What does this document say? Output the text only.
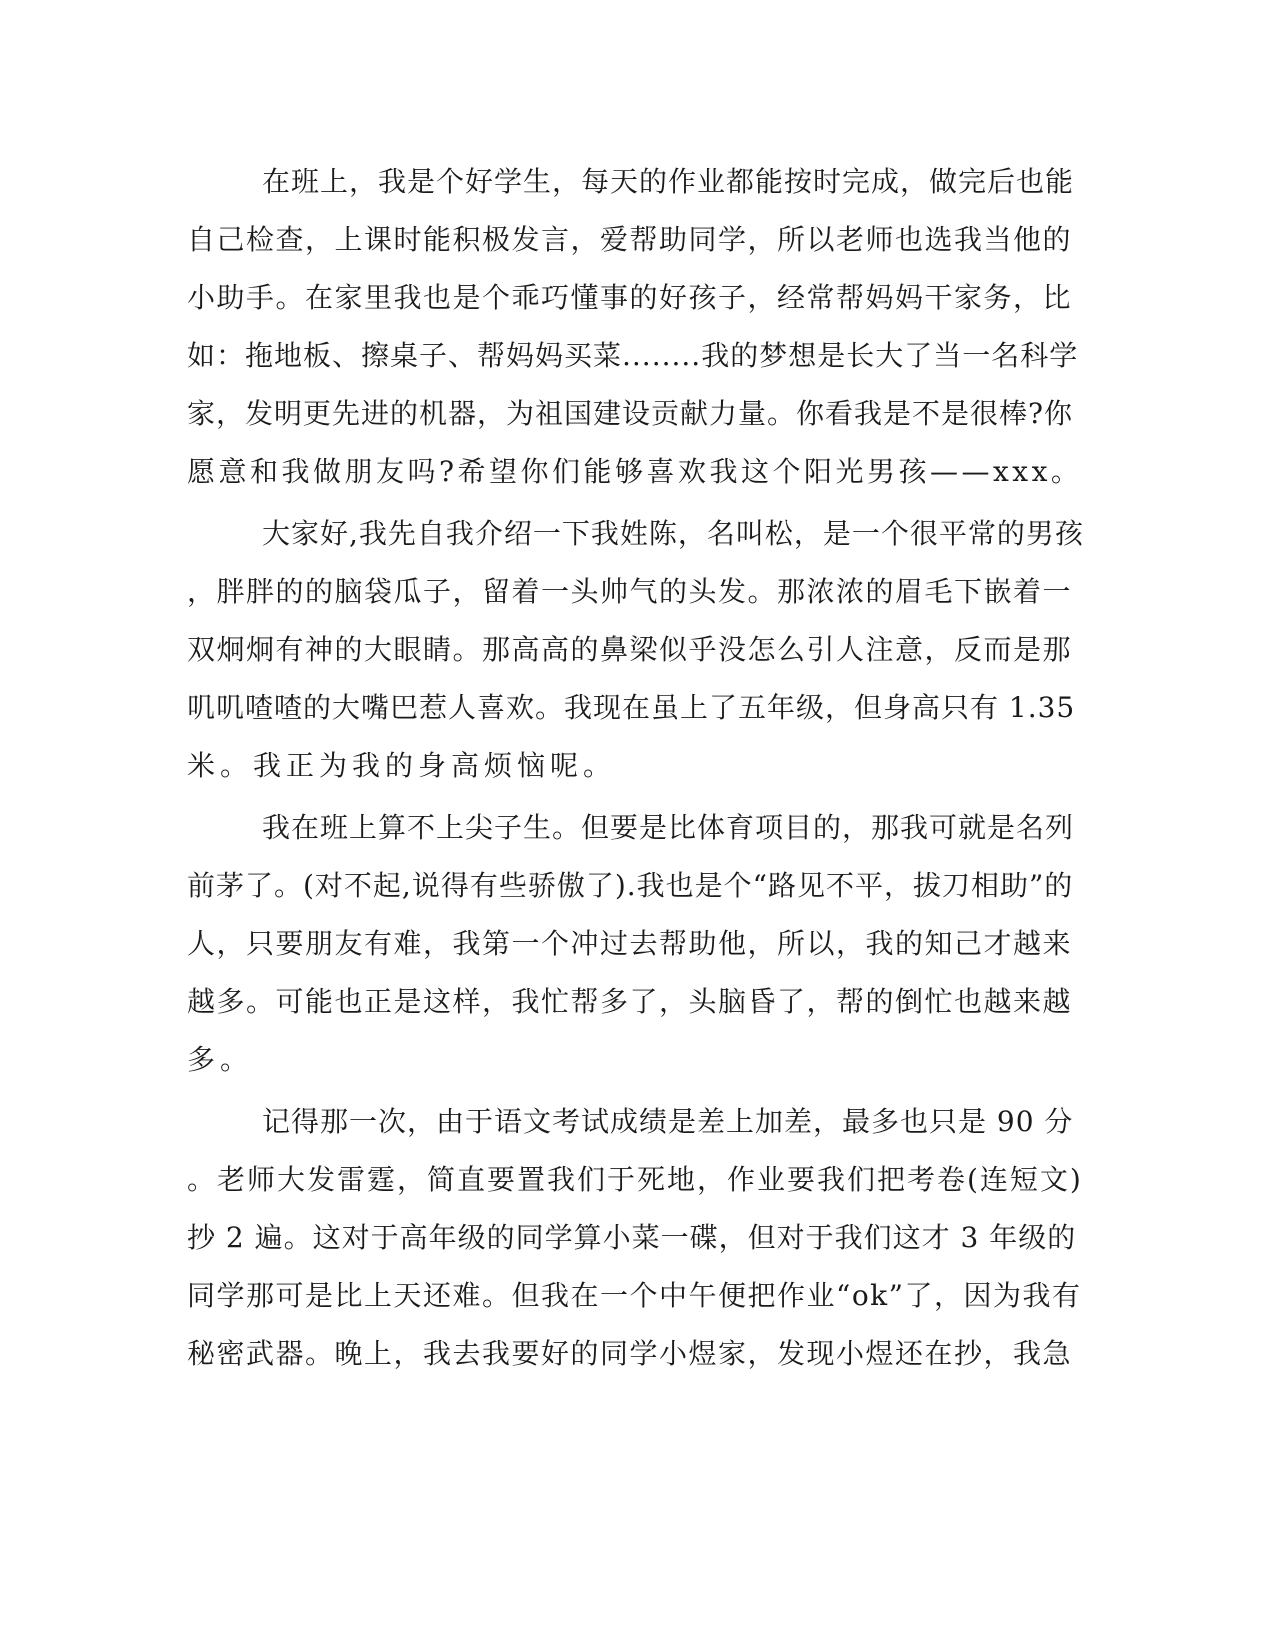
在班上，我是个好学生，每天的作业都能按时完成，做完后也能

自己检查，上课时能积极发言，爱帮助同学，所以老师也选我当他的

小助手。在家里我也是个乖巧懂事的好孩子，经常帮妈妈干家务，比

如：拖地板、擦桌子、帮妈妈买菜........我的梦想是长大了当一名科学

家，发明更先进的机器，为祖国建设贡献力量。你看我是不是很棒?你

愿意和我做朋友吗?希望你们能够喜欢我这个阳光男孩——xxx。

大家好,我先自我介绍一下我姓陈，名叫松，是一个很平常的男孩

，胖胖的的脑袋瓜子，留着一头帅气的头发。那浓浓的眉毛下嵌着一

双炯炯有神的大眼睛。那高高的鼻梁似乎没怎么引人注意，反而是那

叽叽喳喳的大嘴巴惹人喜欢。我现在虽上了五年级，但身高只有 1.35

米。我正为我的身高烦恼呢。

我在班上算不上尖子生。但要是比体育项目的，那我可就是名列

前茅了。(对不起,说得有些骄傲了).我也是个“路见不平，拔刀相助”的

人，只要朋友有难，我第一个冲过去帮助他，所以，我的知己才越来

越多。可能也正是这样，我忙帮多了，头脑昏了，帮的倒忙也越来越

多。

记得那一次，由于语文考试成绩是差上加差，最多也只是 90 分

。老师大发雷霆，简直要置我们于死地，作业要我们把考卷(连短文)

抄 2 遍。这对于高年级的同学算小菜一碟，但对于我们这才 3 年级的

同学那可是比上天还难。但我在一个中午便把作业“ok”了，因为我有

秘密武器。晚上，我去我要好的同学小煜家，发现小煜还在抄，我急
